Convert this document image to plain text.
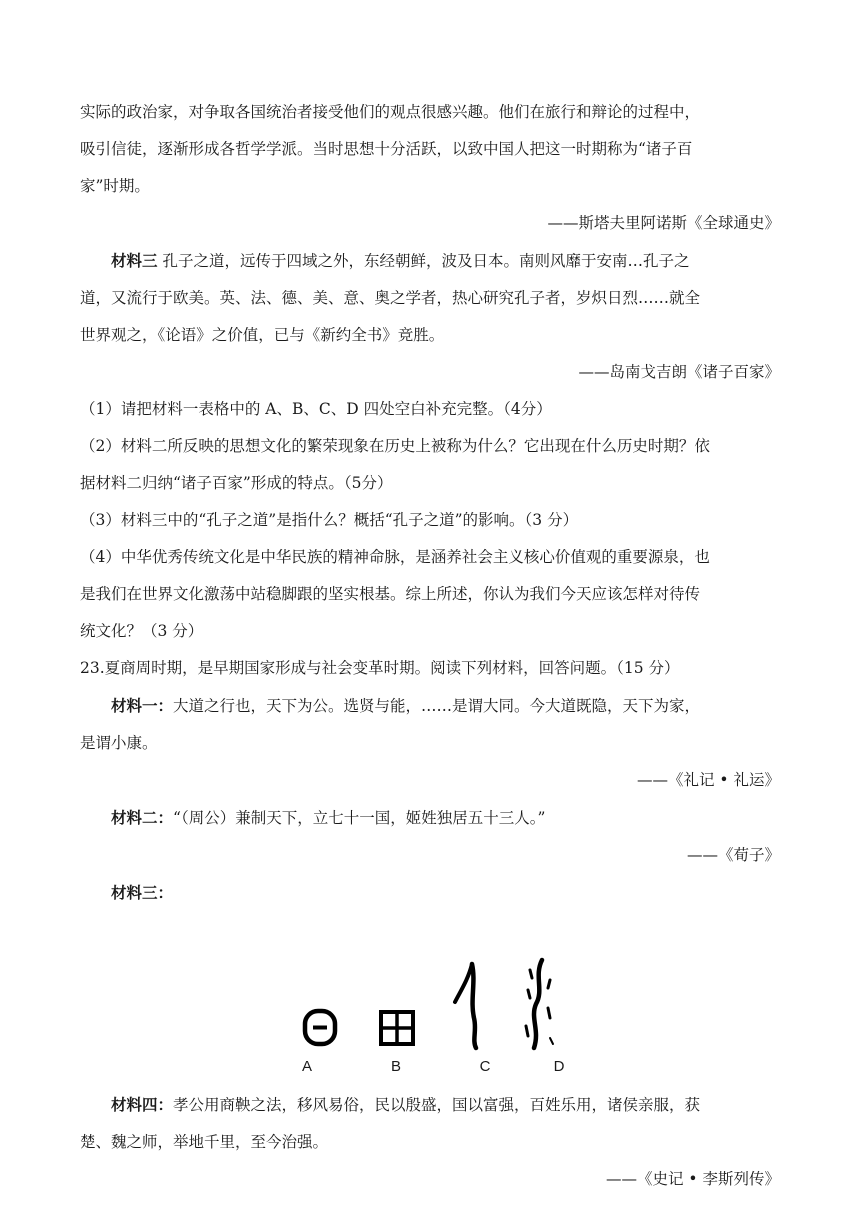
实际的政治家，对争取各国统治者接受他们的观点很感兴趣。他们在旅行和辩论的过程中，

吸引信徒，逐渐形成各哲学学派。当时思想十分活跃，以致中国人把这一时期称为“诸子百

家”时期。

——斯塔夫里阿诺斯《全球通史》

材料三 孔子之道，远传于四域之外，东经朝鲜，波及日本。南则风靡于安南…孔子之

道，又流行于欧美。英、法、德、美、意、奥之学者，热心研究孔子者，岁炽日烈……就全

世界观之，《论语》之价值，已与《新约全书》竞胜。

——岛南戈吉朗《诸子百家》

（1）请把材料一表格中的 A、B、C、D 四处空白补充完整。（4分）

（2）材料二所反映的思想文化的繁荣现象在历史上被称为什么？它出现在什么历史时期？依

据材料二归纳“诸子百家”形成的特点。（5分）

（3）材料三中的“孔子之道”是指什么？概括“孔子之道”的影响。（3 分）

（4）中华优秀传统文化是中华民族的精神命脉，是涵养社会主义核心价值观的重要源泉，也

是我们在世界文化激荡中站稳脚跟的坚实根基。综上所述，你认为我们今天应该怎样对待传

统文化？（3 分）

23.夏商周时期，是早期国家形成与社会变革时期。阅读下列材料，回答问题。（15 分）

材料一：大道之行也，天下为公。选贤与能，……是谓大同。今大道既隐，天下为家，

是谓小康。

——《礼记 • 礼运》

材料二：“（周公）兼制天下，立七十一国，姬姓独居五十三人。”

——《荀子》

材料三：

A	B	C	D

材料四：孝公用商鞅之法，移风易俗，民以殷盛，国以富强，百姓乐用，诸侯亲服，获

楚、魏之师，举地千里，至今治强。

——《史记 • 李斯列传》
